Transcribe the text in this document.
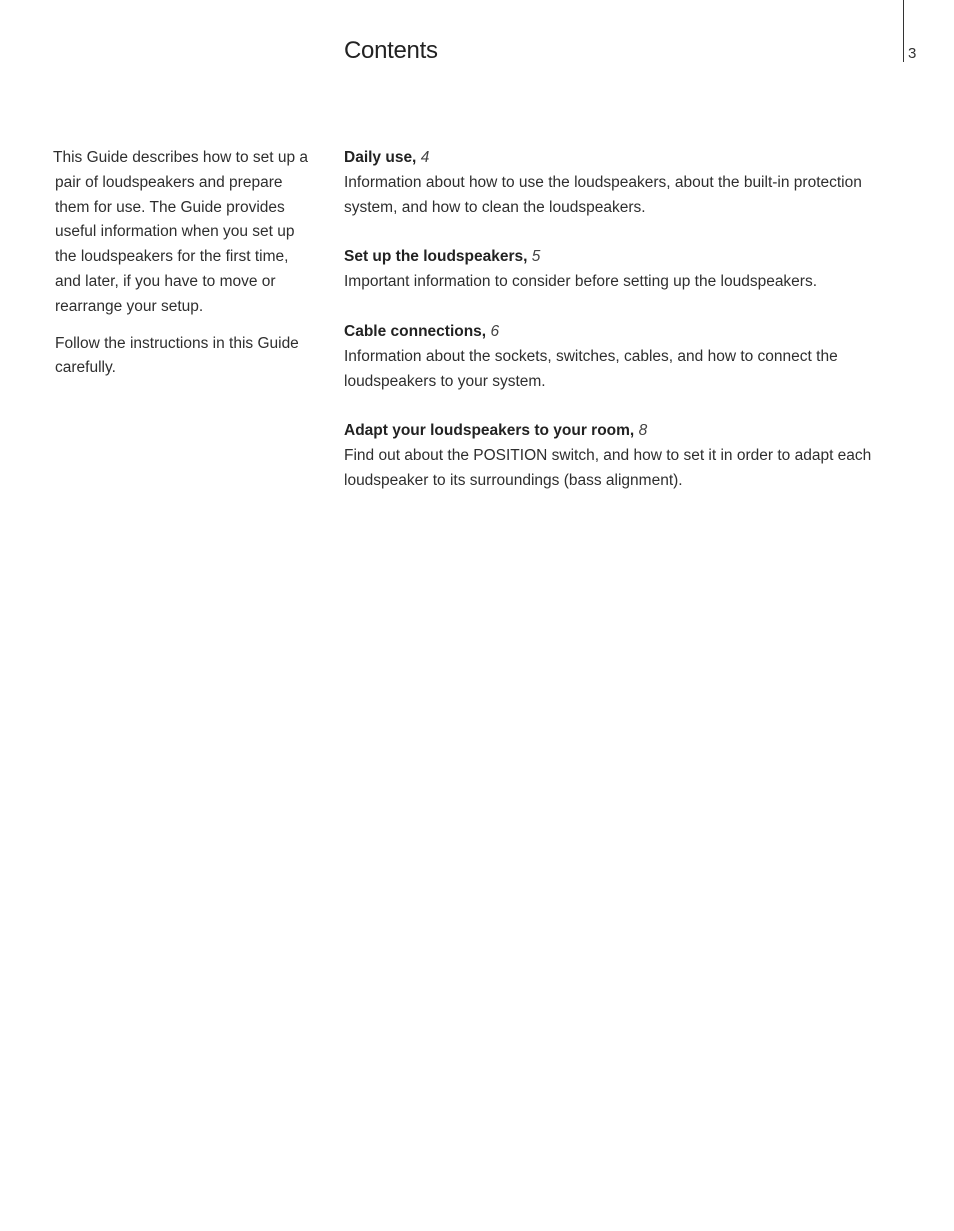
Contents	3

This Guide describes how to set up a pair of loudspeakers and prepare them for use. The Guide provides useful information when you set up the loudspeakers for the first time, and later, if you have to move or rearrange your setup.

Follow the instructions in this Guide carefully.

Daily use, 4
Information about how to use the loudspeakers, about the built-in protection system, and how to clean the loudspeakers.
Set up the loudspeakers, 5
Important information to consider before setting up the loudspeakers.
Cable connections, 6
Information about the sockets, switches, cables, and how to connect the loudspeakers to your system.
Adapt your loudspeakers to your room, 8
Find out about the POSITION switch, and how to set it in order to adapt each loudspeaker to its surroundings (bass alignment).
